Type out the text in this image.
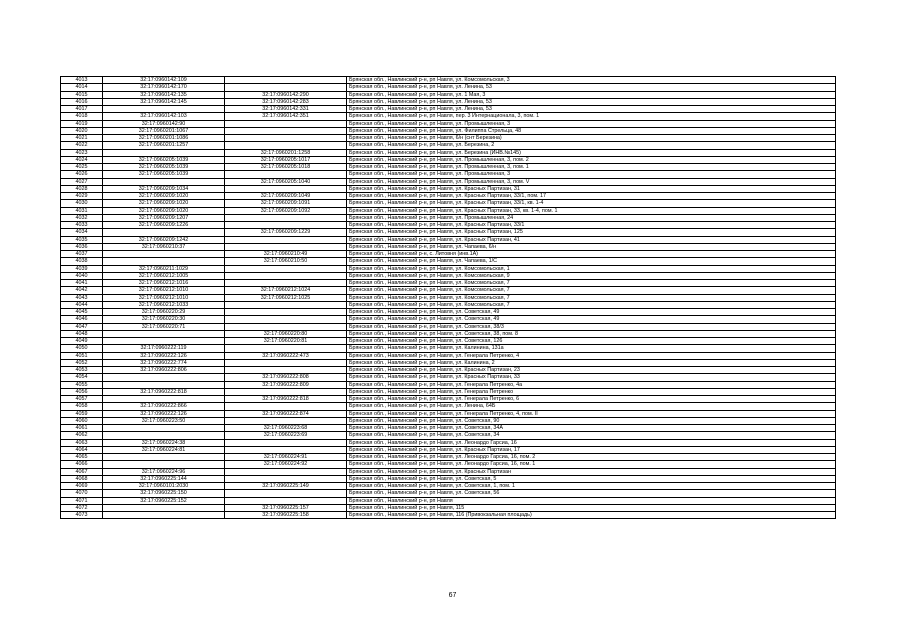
4013	32:17:0960142:109		Брянская обл., Навлинский р-н, рп Навля, ул. Комсомольская, 3
4014	32:17:0960142:170		Брянская обл., Навлинский р-н, рп Навля, ул. Ленина, 53
4015	32:17:0960142:135	32:17:0960142:290	Брянская обл., Навлинский р-н, рп Навля, ул. 1 Мая, 3
4016	32:17:0960142:145	32:17:0960142:283	Брянская обл., Навлинский р-н, рп Навля, ул. Ленина, 53
4017		32:17:0960142:331	Брянская обл., Навлинский р-н, рп Навля, ул. Ленина, 53
4018	32:17:0960142:103	32:17:0960142:351	Брянская обл., Навлинский р-н, рп Навля, пер. 3 Интернационала, 3, пом. 1
4019	32:17:0960142:90		Брянская обл., Навлинский р-н, рп Навля, ул. Промышленная, 3
4020	32:17:0960201:1067		Брянская обл., Навлинский р-н, рп Навля, ул. Филиппа Стрельца, 48
4021	32:17:0960201:1086		Брянская обл., Навлинский р-н, рп Навля, 6/н (снт Березина)
4022	32:17:0960201:1257		Брянская обл., Навлинский р-н, рп Навля, ул. Березина, 2
4023		32:17:0960201:1258	Брянская обл., Навлинский р-н, рп Навля, ул. Березина (ИНВ.№145)
4024	32:17:0960205:1039	32:17:0960205:1017	Брянская обл., Навлинский р-н, рп Навля, ул. Промышленная, 3, пом. 2
4025	32:17:0960205:1039	32:17:0960205:1018	Брянская обл., Навлинский р-н, рп Навля, ул. Промышленная, 3, пом. 1
4026	32:17:0960205:1039		Брянская обл., Навлинский р-н, рп Навля, ул. Промышленная, 3
4027		32:17:0960205:1040	Брянская обл., Навлинский р-н, рп Навля, ул. Промышленная, 3, пом. V
4028	32:17:0960209:1034		Брянская обл., Навлинский р-н, рп Навля, ул. Красных Партизан, 31
4029	32:17:0960209:1020	32:17:0960209:1049	Брянская обл., Навлинский р-н, рп Навля, ул. Красных Партизан, 33/1, пом. 17
4030	32:17:0960209:1020	32:17:0960209:1091	Брянская обл., Навлинский р-н, рп Навля, ул. Красных Партизан, 33/1, кв. 1-4
4031	32:17:0960209:1020	32:17:0960209:1092	Брянская обл., Навлинский р-н, рп Навля, ул. Красных Партизан, 33, кв. 1-4, пом. 1
4032	32:17:0960209:1207		Брянская обл., Навлинский р-н, рп Навля, ул. Промышленная, 24
4033	32:17:0960209:1226		Брянская обл., Навлинский р-н, рп Навля, ул. Красных Партизан, 33/1
4034		32:17:0960209:1229	Брянская обл., Навлинский р-н, рп Навля, ул. Красных Партизан, 125
4035	32:17:0960209:1242		Брянская обл., Навлинский р-н, рп Навля, ул. Красных Партизан, 41
4036	32:17:0960210:37		Брянская обл., Навлинский р-н, рп Навля, ул. Чапаева, 6/н
4037		32:17:0960210:49	Брянская обл., Навлинский р-н, с. Литовня (инв.1А)
4038		32:17:0960210:50	Брянская обл., Навлинский р-н, рп Навля, ул. Чапаева, 1/С
4039	32:17:0960211:1029		Брянская обл., Навлинский р-н, рп Навля, ул. Комсомольская, 1
4040	32:17:0960212:1005		Брянская обл., Навлинский р-н, рп Навля, ул. Комсомольская, 9
4041	32:17:0960212:1016		Брянская обл., Навлинский р-н, рп Навля, ул. Комсомольская, 7
4042	32:17:0960212:1010	32:17:0960212:1024	Брянская обл., Навлинский р-н, рп Навля, ул. Комсомольская, 7
4043	32:17:0960212:1010	32:17:0960212:1025	Брянская обл., Навлинский р-н, рп Навля, ул. Комсомольская, 7
4044	32:17:0960212:1033		Брянская обл., Навлинский р-н, рп Навля, ул. Комсомольская, 7
4045	32:17:0960220:29		Брянская обл., Навлинский р-н, рп Навля, ул. Советская, 49
4046	32:17:0960220:30		Брянская обл., Навлинский р-н, рп Навля, ул. Советская, 49
4047	32:17:0960220:71		Брянская обл., Навлинский р-н, рп Навля, ул. Советская, 38/3
4048		32:17:0960220:80	Брянская обл., Навлинский р-н, рп Навля, ул. Советская, 38, пом. 8
4049		32:17:0960220:81	Брянская обл., Навлинский р-н, рп Навля, ул. Советская, 126
4050	32:17:0960222:119		Брянская обл., Навлинский р-н, рп Навля, ул. Калинина, 131а
4051	32:17:0960222:126	32:17:0960222:473	Брянская обл., Навлинский р-н, рп Навля, ул. Генерала Петренко, 4
4052	32:17:0960222:774		Брянская обл., Навлинский р-н, рп Навля, ул. Калинина, 2
4053	32:17:0960222:806		Брянская обл., Навлинский р-н, рп Навля, ул. Красных Партизан, 23
4054		32:17:0960222:808	Брянская обл., Навлинский р-н, рп Навля, ул. Красных Партизан, 33
4055		32:17:0960222:809	Брянская обл., Навлинский р-н, рп Навля, ул. Генерала Петренко, 4а
4056	32:17:0960222:818		Брянская обл., Навлинский р-н, рп Навля, ул. Генерала Петренко
4057		32:17:0960222:818	Брянская обл., Навлинский р-н, рп Навля, ул. Генерала Петренко, 6
4058	32:17:0960222:866		Брянская обл., Навлинский р-н, рп Навля, ул. Ленина, 64Б
4059	32:17:0960222:126	32:17:0960222:874	Брянская обл., Навлинский р-н, рп Навля, ул. Генерала Петренко, 4, пом. II
4060	32:17:0960223:50		Брянская обл., Навлинский р-н, рп Навля, ул. Советская, 90
4061		32:17:0960223:68	Брянская обл., Навлинский р-н, рп Навля, ул. Советская, 34А
4062		32:17:0960223:69	Брянская обл., Навлинский р-н, рп Навля, ул. Советская, 34
4063	32:17:0960224:38		Брянская обл., Навлинский р-н, рп Навля, ул. Леонардо Гарсиа, 16
4064	32:17:0960224:81		Брянская обл., Навлинский р-н, рп Навля, ул. Красных Партизан, 17
4065		32:17:0960224:91	Брянская обл., Навлинский р-н, рп Навля, ул. Леонардо Гарсиа, 16, пом. 2
4066		32:17:0960224:92	Брянская обл., Навлинский р-н, рп Навля, ул. Леонардо Гарсиа, 16, пом. 1
4067	32:17:0960224:96		Брянская обл., Навлинский р-н, рп Навля, ул. Красных Партизан
4068	32:17:0960225:144		Брянская обл., Навлинский р-н, рп Навля, ул. Советская, 5
4069	32:17:0960101:2030	32:17:0960225:149	Брянская обл., Навлинский р-н, рп Навля, ул. Советская, 1, пом. 1
4070	32:17:0960225:150		Брянская обл., Навлинский р-н, рп Навля, ул. Советская, 56
4071	32:17:0960225:152		Брянская обл., Навлинский р-н, рп Навля
4072		32:17:0960225:157	Брянская обл., Навлинский р-н, рп Навля, 115
4073		32:17:0960225:158	Брянская обл., Навлинский р-н, рп Навля, 116 (Привокзальная площадь)
67
